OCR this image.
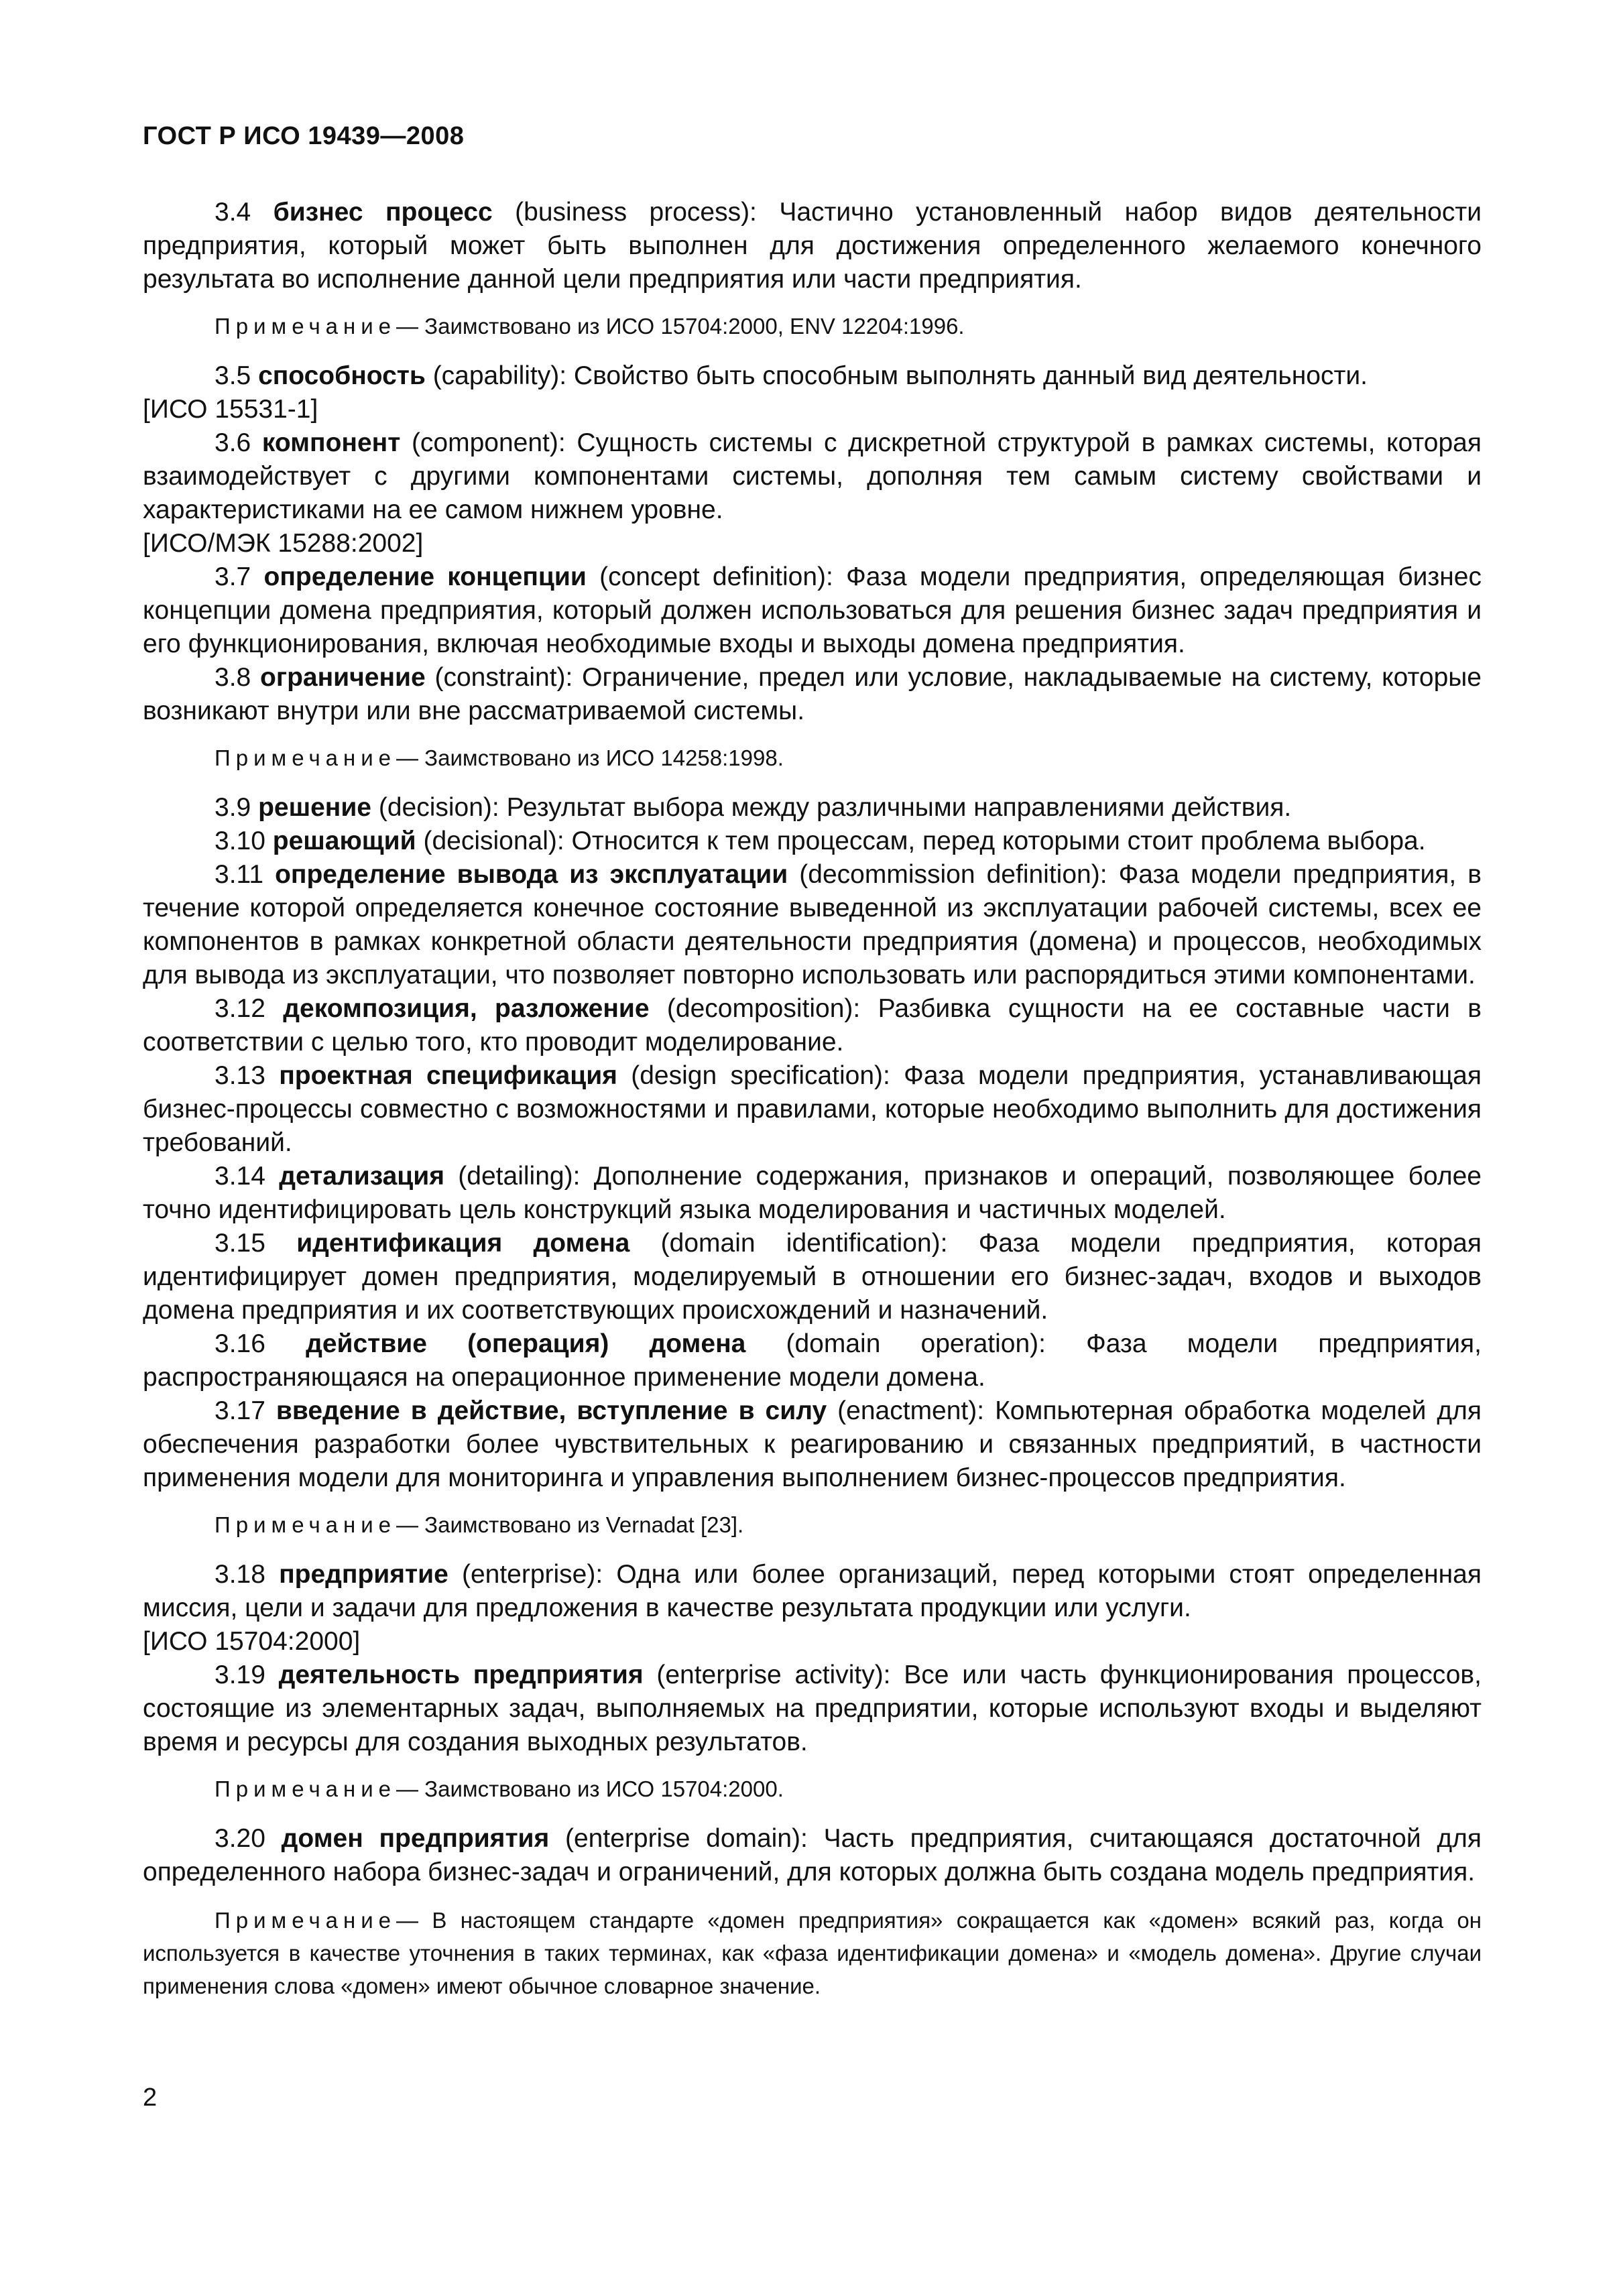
ГОСТ Р ИСО 19439—2008

3.4 бизнес процесс (business process): Частично установленный набор видов деятельности предприятия, который может быть выполнен для достижения определенного желаемого конечного результата во исполнение данной цели предприятия или части предприятия.

Примечание— Заимствовано из ИСО 15704:2000, ENV 12204:1996.

3.5 способность (capability): Свойство быть способным выполнять данный вид деятельности.

[ИСО 15531-1]

3.6 компонент (component): Сущность системы с дискретной структурой в рамках системы, которая взаимодействует с другими компонентами системы, дополняя тем самым систему свойствами и характеристиками на ее самом нижнем уровне.

[ИСО/МЭК 15288:2002]

3.7 определение концепции (concept definition): Фаза модели предприятия, определяющая бизнес концепции домена предприятия, который должен использоваться для решения бизнес задач предприятия и его функционирования, включая необходимые входы и выходы домена предприятия.

3.8 ограничение (constraint): Ограничение, предел или условие, накладываемые на систему, которые возникают внутри или вне рассматриваемой системы.

Примечание— Заимствовано из ИСО 14258:1998.

3.9 решение (decision): Результат выбора между различными направлениями действия.

3.10 решающий (decisional): Относится к тем процессам, перед которыми стоит проблема выбора.

3.11 определение вывода из эксплуатации (decommission definition): Фаза модели предприятия, в течение которой определяется конечное состояние выведенной из эксплуатации рабочей системы, всех ее компонентов в рамках конкретной области деятельности предприятия (домена) и процессов, необходимых для вывода из эксплуатации, что позволяет повторно использовать или распорядиться этими компонентами.

3.12 декомпозиция, разложение (decomposition): Разбивка сущности на ее составные части в соответствии с целью того, кто проводит моделирование.

3.13 проектная спецификация (design specification): Фаза модели предприятия, устанавливающая бизнес-процессы совместно с возможностями и правилами, которые необходимо выполнить для достижения требований.

3.14 детализация (detailing): Дополнение содержания, признаков и операций, позволяющее более точно идентифицировать цель конструкций языка моделирования и частичных моделей.

3.15 идентификация домена (domain identification): Фаза модели предприятия, которая идентифицирует домен предприятия, моделируемый в отношении его бизнес-задач, входов и выходов домена предприятия и их соответствующих происхождений и назначений.

3.16 действие (операция) домена (domain operation): Фаза модели предприятия, распространяющаяся на операционное применение модели домена.

3.17 введение в действие, вступление в силу (enactment): Компьютерная обработка моделей для обеспечения разработки более чувствительных к реагированию и связанных предприятий, в частности применения модели для мониторинга и управления выполнением бизнес-процессов предприятия.

Примечание— Заимствовано из Vernadat [23].

3.18 предприятие (enterprise): Одна или более организаций, перед которыми стоят определенная миссия, цели и задачи для предложения в качестве результата продукции или услуги.

[ИСО 15704:2000]

3.19 деятельность предприятия (enterprise activity): Все или часть функционирования процессов, состоящие из элементарных задач, выполняемых на предприятии, которые используют входы и выделяют время и ресурсы для создания выходных результатов.

Примечание— Заимствовано из ИСО 15704:2000.

3.20 домен предприятия (enterprise domain): Часть предприятия, считающаяся достаточной для определенного набора бизнес-задач и ограничений, для которых должна быть создана модель предприятия.

Примечание— В настоящем стандарте «домен предприятия» сокращается как «домен» всякий раз, когда он используется в качестве уточнения в таких терминах, как «фаза идентификации домена» и «модель домена». Другие случаи применения слова «домен» имеют обычное словарное значение.

2
